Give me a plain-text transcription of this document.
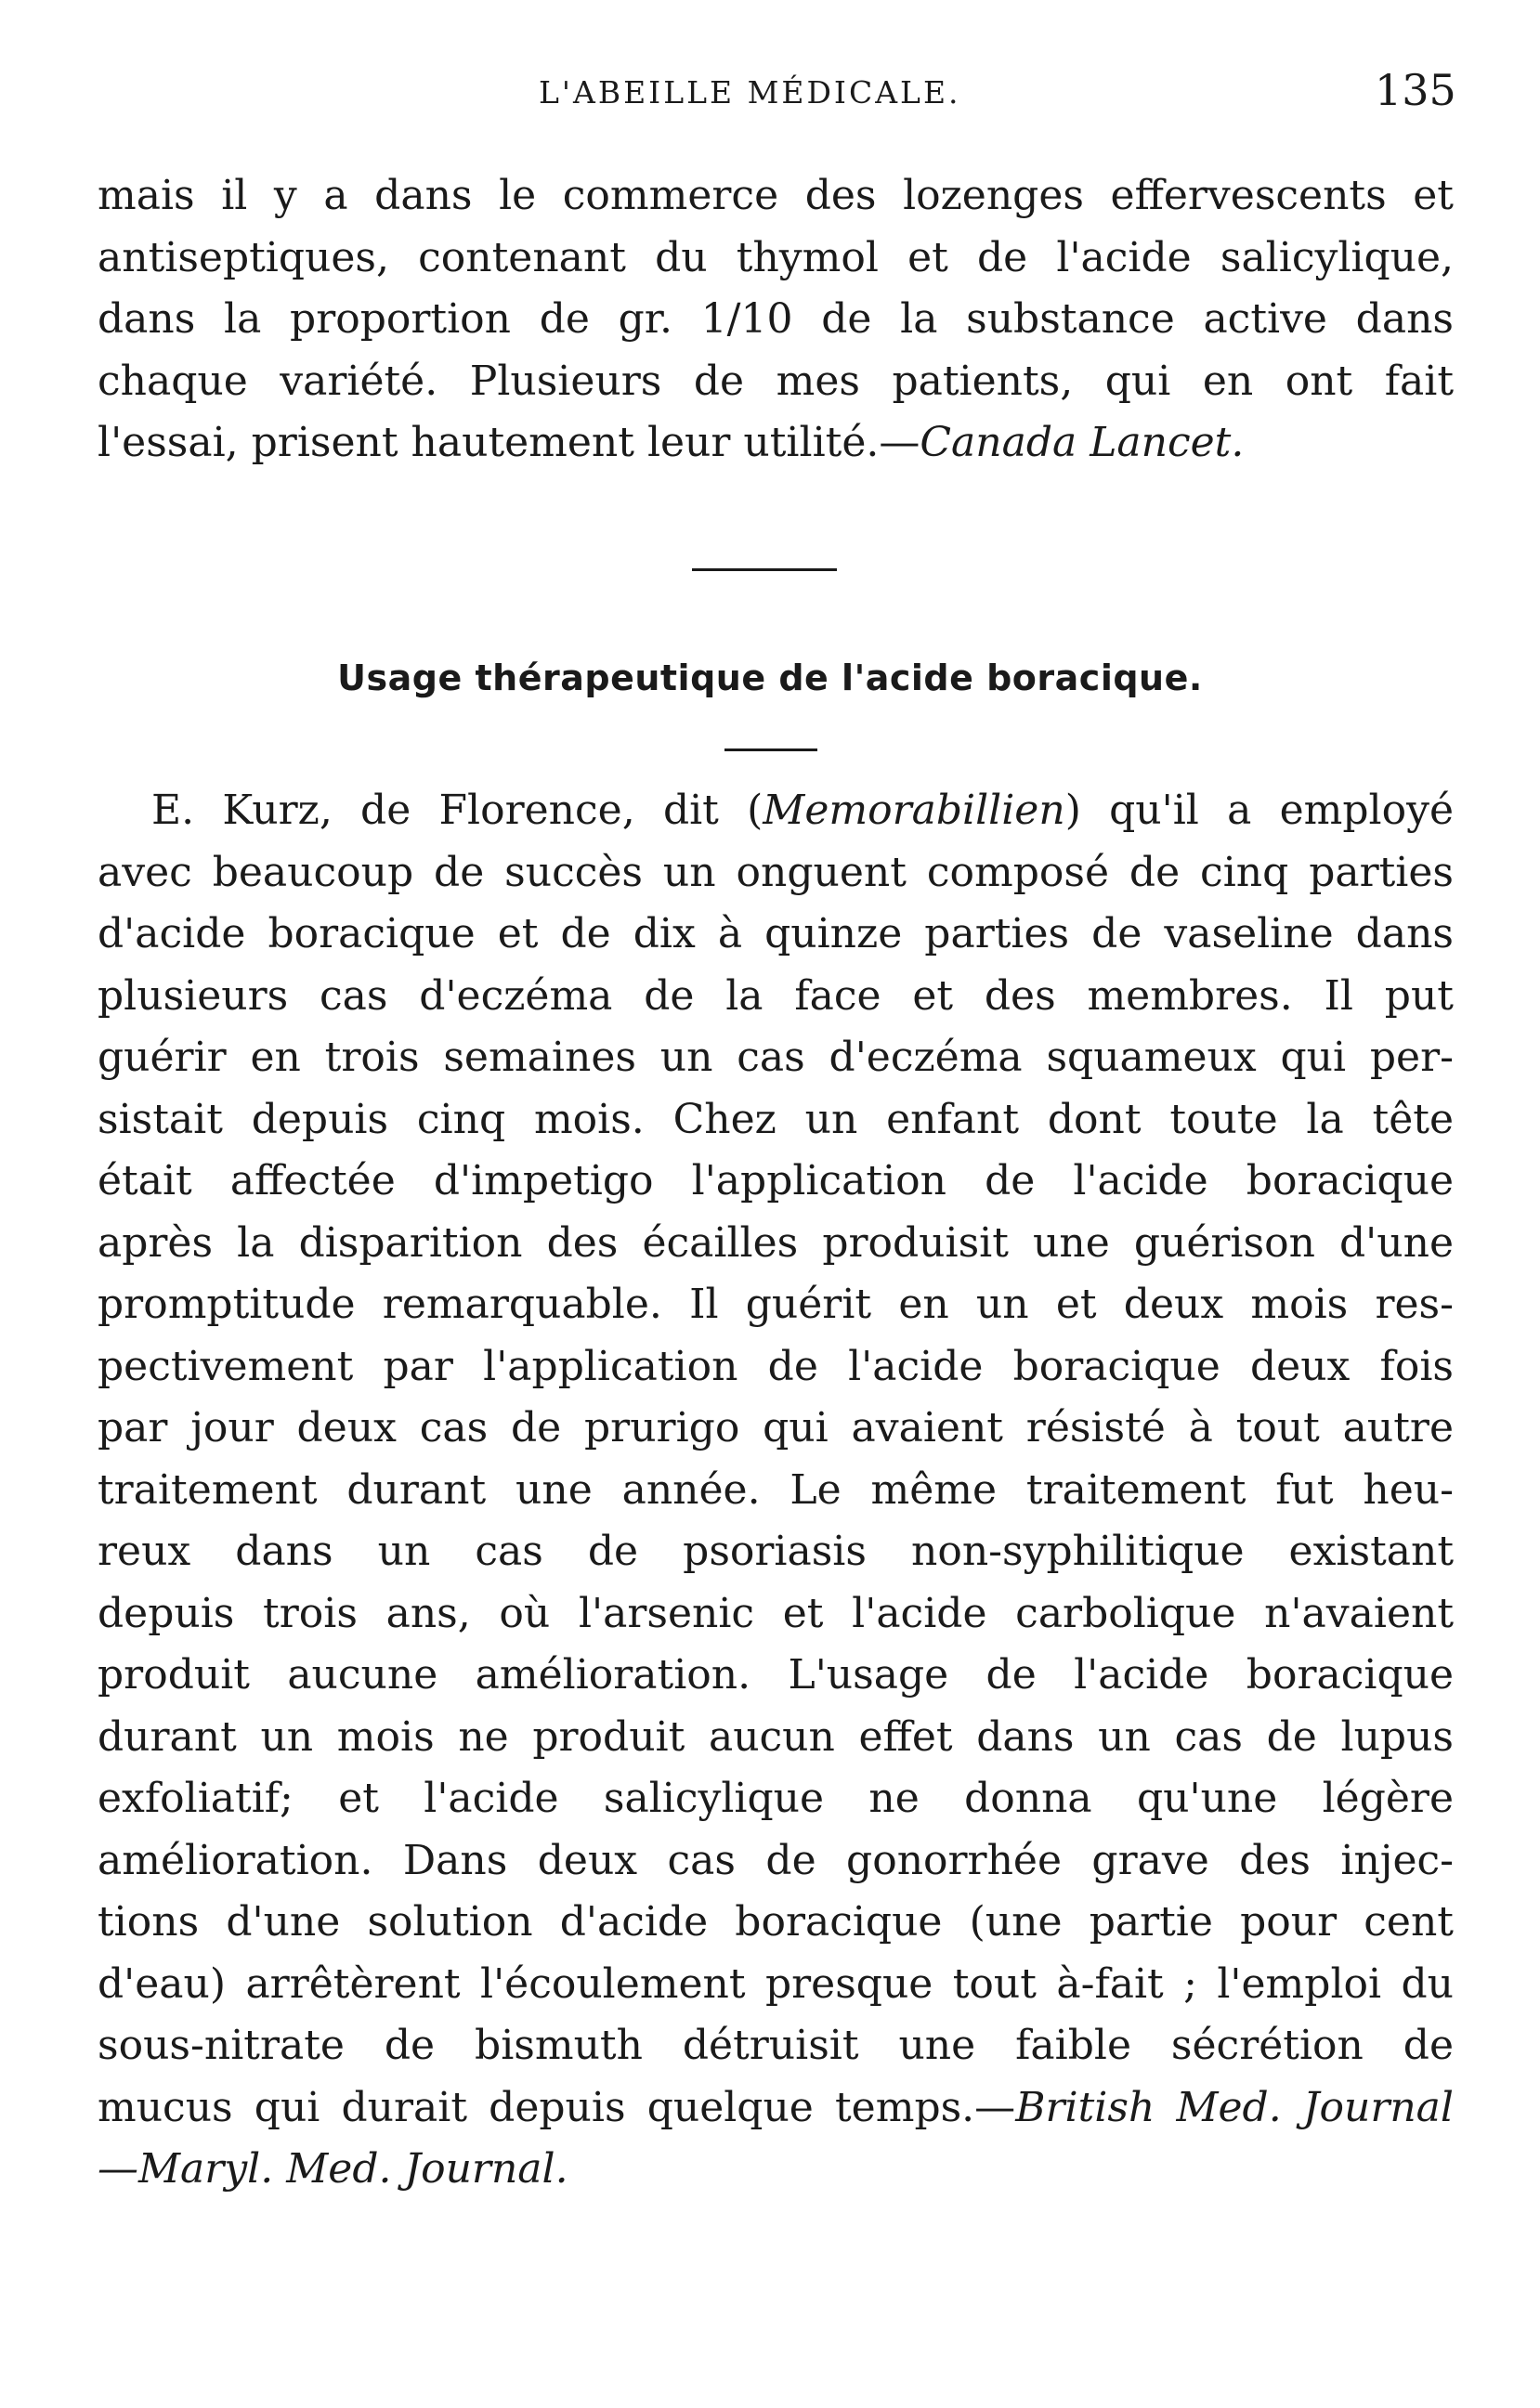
L'ABEILLE MÉDICALE.	135
mais il y a dans le commerce des lozenges effervescents et
antiseptiques, contenant du thymol et de l'acide salicylique,
dans la proportion de gr. 1/10 de la substance active dans
chaque variété. Plusieurs de mes patients, qui en ont fait
l'essai, prisent hautement leur utilité.—Canada Lancet.
Usage thérapeutique de l'acide boracique.
E. Kurz, de Florence, dit (Memorabillien) qu'il a employé
avec beaucoup de succès un onguent composé de cinq parties
d'acide boracique et de dix à quinze parties de vaseline dans
plusieurs cas d'eczéma de la face et des membres. Il put
guérir en trois semaines un cas d'eczéma squameux qui per-
sistait depuis cinq mois. Chez un enfant dont toute la tête
était affectée d'impetigo l'application de l'acide boracique
après la disparition des écailles produisit une guérison d'une
promptitude remarquable. Il guérit en un et deux mois res-
pectivement par l'application de l'acide boracique deux fois
par jour deux cas de prurigo qui avaient résisté à tout autre
traitement durant une année. Le même traitement fut heu-
reux dans un cas de psoriasis non-syphilitique existant
depuis trois ans, où l'arsenic et l'acide carbolique n'avaient
produit aucune amélioration. L'usage de l'acide boracique
durant un mois ne produit aucun effet dans un cas de lupus
exfoliatif; et l'acide salicylique ne donna qu'une légère
amélioration. Dans deux cas de gonorrhée grave des injec-
tions d'une solution d'acide boracique (une partie pour cent
d'eau) arrêtèrent l'écoulement presque tout à-fait ; l'emploi du
sous-nitrate de bismuth détruisit une faible sécrétion de
mucus qui durait depuis quelque temps.—British Med. Journal
—Maryl. Med. Journal.
